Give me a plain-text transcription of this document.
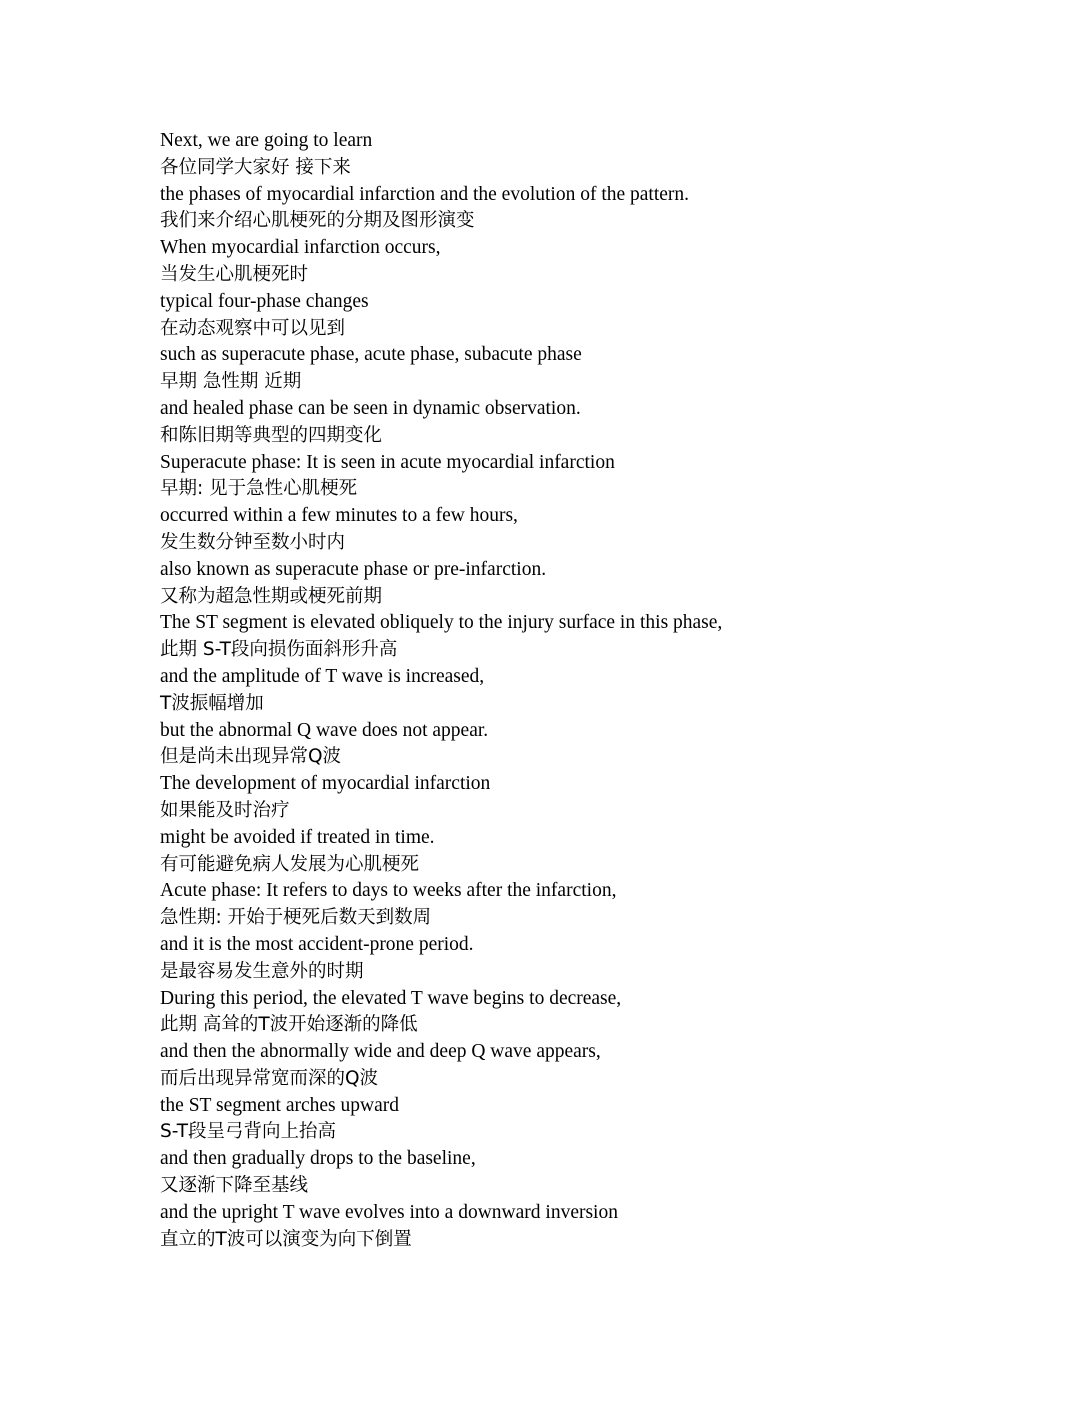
Next, we are going to learn
各位同学大家好 接下来
the phases of myocardial infarction and the evolution of the pattern.
我们来介绍心肌梗死的分期及图形演变
When myocardial infarction occurs,
当发生心肌梗死时
typical four-phase changes
在动态观察中可以见到
such as superacute phase, acute phase, subacute phase
早期 急性期 近期
and healed phase can be seen in dynamic observation.
和陈旧期等典型的四期变化
Superacute phase: It is seen in acute myocardial infarction
早期: 见于急性心肌梗死
occurred within a few minutes to a few hours,
发生数分钟至数小时内
also known as superacute phase or pre-infarction.
又称为超急性期或梗死前期
The ST segment is elevated obliquely to the injury surface in this phase,
此期 S-T段向损伤面斜形升高
and the amplitude of T wave is increased,
T波振幅增加
but the abnormal Q wave does not appear.
但是尚未出现异常Q波
The development of myocardial infarction
如果能及时治疗
might be avoided if treated in time.
有可能避免病人发展为心肌梗死
Acute phase: It refers to days to weeks after the infarction,
急性期: 开始于梗死后数天到数周
and it is the most accident-prone period.
是最容易发生意外的时期
During this period, the elevated T wave begins to decrease,
此期 高耸的T波开始逐渐的降低
and then the abnormally wide and deep Q wave appears,
而后出现异常宽而深的Q波
the ST segment arches upward
S-T段呈弓背向上抬高
and then gradually drops to the baseline,
又逐渐下降至基线
and the upright T wave evolves into a downward inversion
直立的T波可以演变为向下倒置
